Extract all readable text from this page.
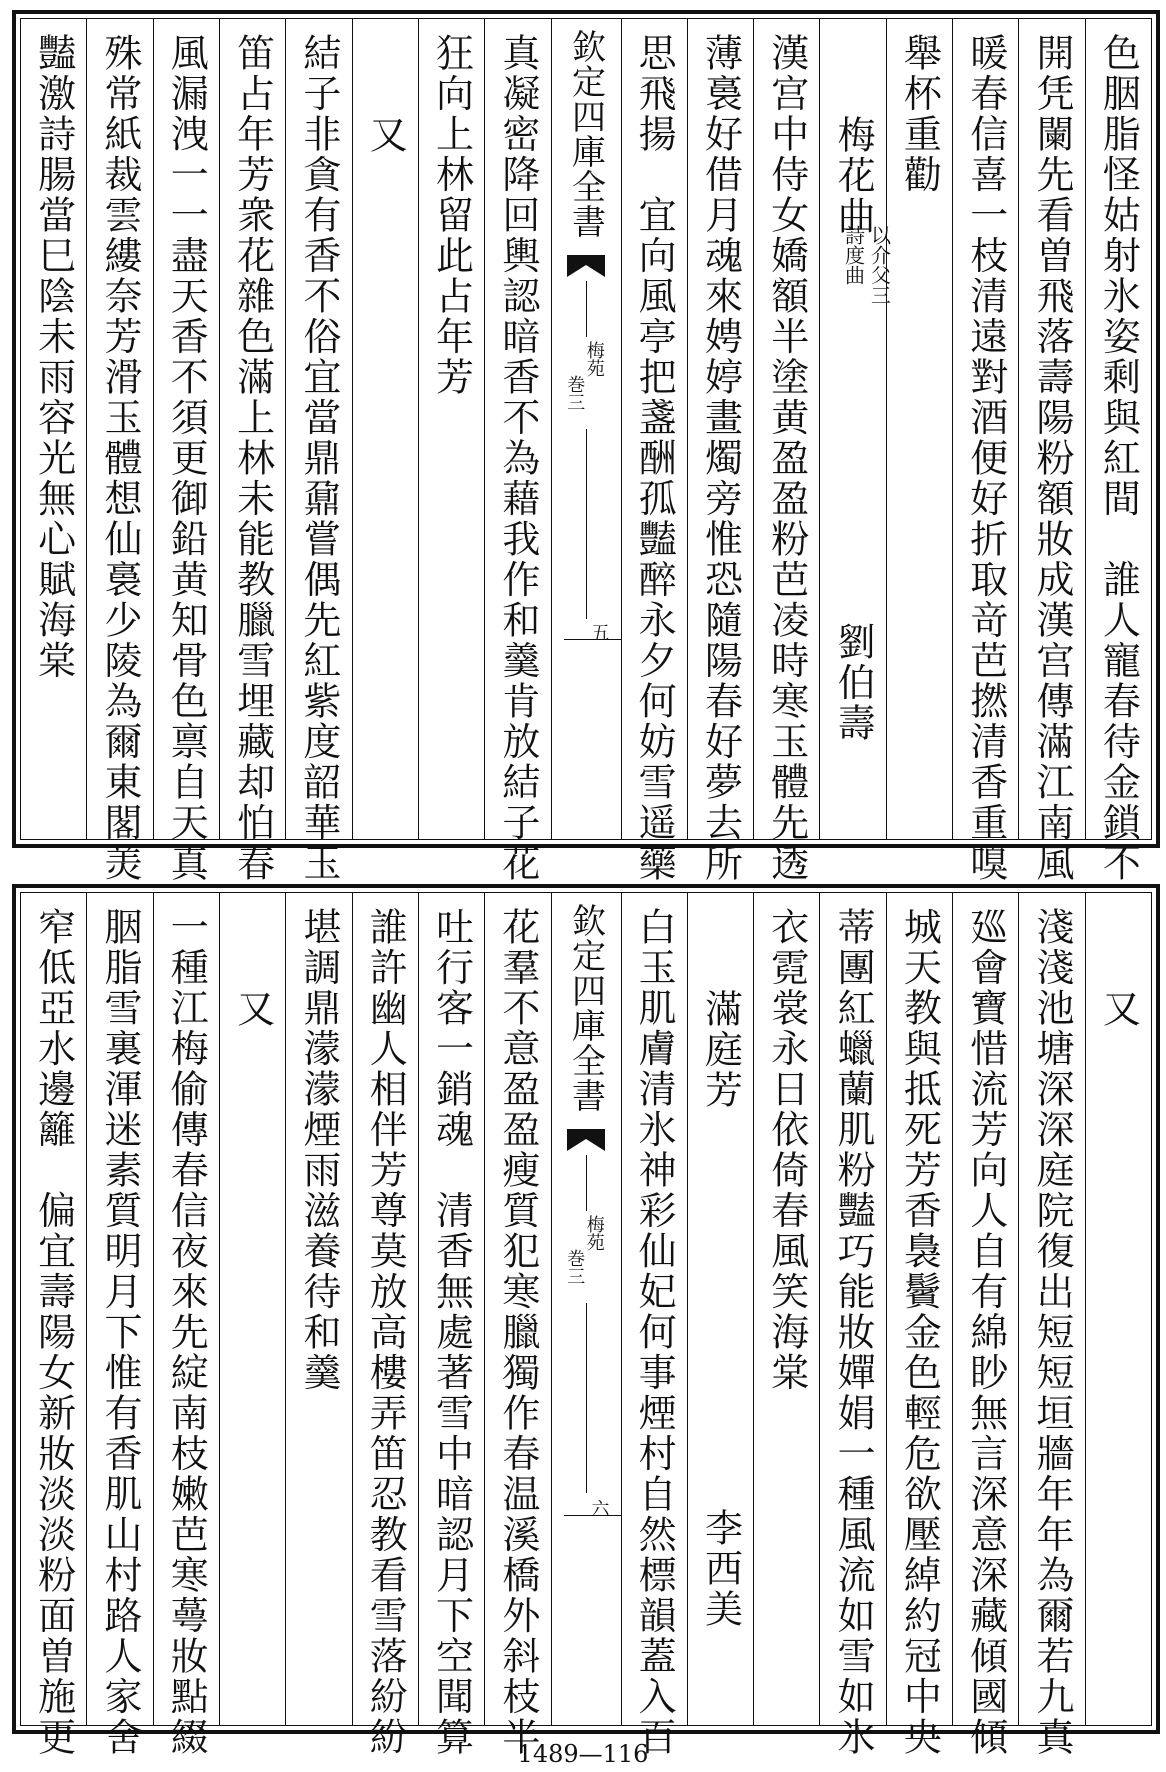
色胭脂怪姑射氷姿剩與紅間　誰人寵春待金鎖不
開凭闌先看曽飛落壽陽粉額妝成漢宫傳滿江南風
暖春信喜一枝清遠對酒便好折取竒芭撚清香重嗅
舉杯重勸
梅花曲
以介父三
詩度曲
劉伯壽
漢宫中侍女嬌額半塗黄盈盈粉芭凌時寒玉體先透
薄裛好借月魂來娉婷畫燭旁惟恐隨陽春好夢去所
思飛揚　宜向風亭把盞酬孤豔醉永夕何妨雪遥藥
欽定四庫全書
梅苑
巻三
五
真凝密降回輿認暗香不為藉我作和羹肯放結子花
狂向上林留此占年芳
又
結子非貪有香不俗宜當鼎鼐嘗偶先紅紫度韶華玉
笛占年芳衆花雜色滿上林未能教臘雪埋藏却怕春
風漏洩一一盡天香不須更御鉛黄知骨色禀自天真
殊常紙裁雲縷奈芳滑玉體想仙裛少陵為爾東閣羙
豔激詩腸當巳陰未雨容光無心賦海棠
又
淺淺池塘深深庭院復出短短垣牆年年為爾若九真
廵會寶惜流芳向人自有綿眇無言深意深藏傾國傾
城天教與抵死芳香裊鬢金色輕危欲壓綽約冠中央
蒂團紅蠟蘭肌粉豔巧能妝嬋娟一種風流如雪如氷
衣霓裳永日依倚春風笑海棠
滿庭芳
李西美
白玉肌膚清氷神彩仙妃何事煙村自然標韻蓋入百
欽定四庫全書
梅苑
巻三
六
花羣不意盈盈瘦質犯寒臘獨作春温溪橋外斜枝半
吐行客一銷魂　清香無處著雪中暗認月下空聞算
誰許幽人相伴芳尊莫放高樓弄笛忍教看雪落紛紛
堪調鼎濛濛煙雨滋養待和羹
又
一種江梅偷傳春信夜來先綻南枝嫩芭寒蕚妝點綴
胭脂雪裏渾迷素質明月下惟有香肌山村路人家舍
窄低亞水邊籬　偏宜壽陽女新妝淡淡粉面曽施更	1489—116
